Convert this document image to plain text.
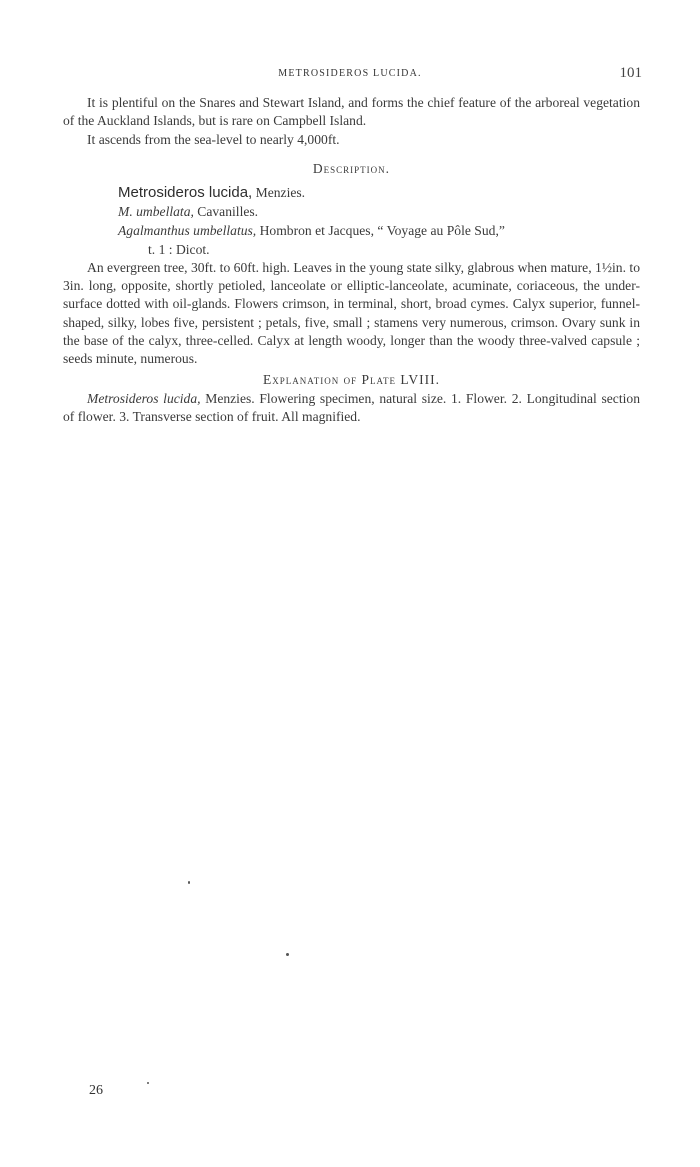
METROSIDEROS LUCIDA.	101

It is plentiful on the Snares and Stewart Island, and forms the chief feature of the arboreal vegetation of the Auckland Islands, but is rare on Campbell Island.

It ascends from the sea-level to nearly 4,000ft.

Description.

Metrosideros lucida, Menzies.

M. umbellata, Cavanilles.

Agalmanthus umbellatus, Hombron et Jacques, “ Voyage au Pôle Sud,”

t. 1 : Dicot.

An evergreen tree, 30ft. to 60ft. high. Leaves in the young state silky, glabrous when mature, 1½in. to 3in. long, opposite, shortly petioled, lanceolate or elliptic-lanceolate, acuminate, coriaceous, the under-surface dotted with oil-glands. Flowers crimson, in terminal, short, broad cymes. Calyx superior, funnel-shaped, silky, lobes five, persistent ; petals, five, small ; stamens very numerous, crimson. Ovary sunk in the base of the calyx, three-celled. Calyx at length woody, longer than the woody three-valved capsule ; seeds minute, numerous.

Explanation of Plate LVIII.

Metrosideros lucida, Menzies. Flowering specimen, natural size. 1. Flower. 2. Longitudinal section of flower. 3. Transverse section of fruit. All magnified.

26
